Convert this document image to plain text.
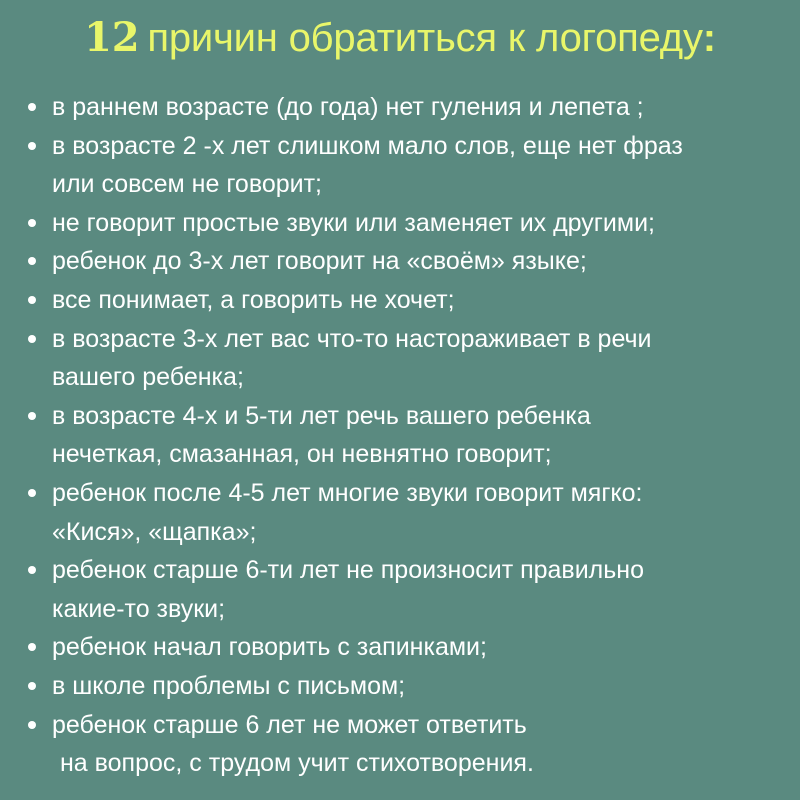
12 причин обратиться к логопеду:
в раннем возрасте (до года) нет гуления и лепета ;
в возрасте 2 -х лет слишком мало слов, еще нет фраз
или совсем не говорит;
не говорит простые звуки или заменяет их другими;
ребенок до 3-х лет говорит на «своём» языке;
все понимает, а говорить не хочет;
в возрасте 3-х лет вас что-то настораживает в речи
вашего ребенка;
в возрасте 4-х и 5-ти лет речь вашего ребенка
нечеткая, смазанная, он невнятно говорит;
ребенок после 4-5 лет многие звуки говорит мягко:
«Кися», «щапка»;
ребенок старше 6-ти лет не произносит правильно
какие-то звуки;
ребенок начал говорить с запинками;
в школе проблемы с письмом;
ребенок старше 6 лет не может ответить
на вопрос, с трудом учит стихотворения.
